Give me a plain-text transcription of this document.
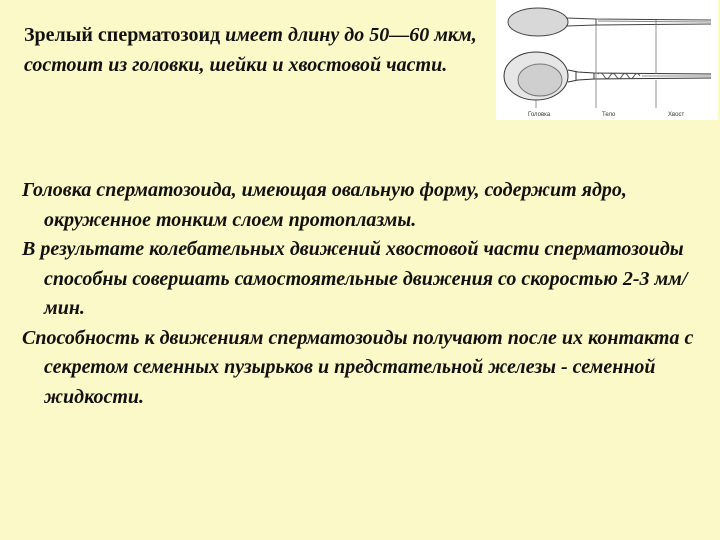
Зрелый сперматозоид имеет длину до 50—60 мкм, состоит из головки, шейки и хвостовой части.

Головка	Тело	Хвост

Головка сперматозоида, имеющая овальную форму, содержит ядро, окруженное тонким слоем протоплазмы.

В результате колебательных движений хвостовой части сперматозоиды способны совершать самостоятельные движения со скоростью 2-3 мм/мин.

Способность к движениям сперматозоиды получают после их контакта с секретом семенных пузырьков и предстательной железы - семенной жидкости.
